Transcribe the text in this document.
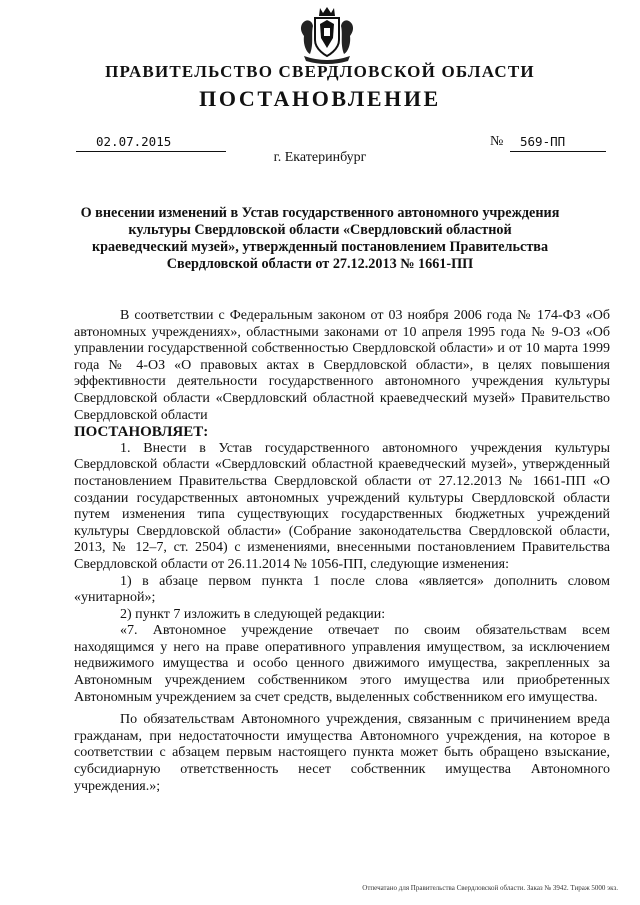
ПРАВИТЕЛЬСТВО СВЕРДЛОВСКОЙ ОБЛАСТИ
ПОСТАНОВЛЕНИЕ
02.07.2015	№	569-ПП
г. Екатеринбург
О внесении изменений в Устав государственного автономного учреждения культуры Свердловской области «Свердловский областной краеведческий музей», утвержденный постановлением Правительства Свердловской области от 27.12.2013 № 1661-ПП

В соответствии с Федеральным законом от 03 ноября 2006 года № 174-ФЗ «Об автономных учреждениях», областными законами от 10 апреля 1995 года № 9-ОЗ «Об управлении государственной собственностью Свердловской области» и от 10 марта 1999 года № 4-ОЗ «О правовых актах в Свердловской области», в целях повышения эффективности деятельности государственного автономного учреждения культуры Свердловской области «Свердловский областной краеведческий музей» Правительство Свердловской области

ПОСТАНОВЛЯЕТ:

1. Внести в Устав государственного автономного учреждения культуры Свердловской области «Свердловский областной краеведческий музей», утвержденный постановлением Правительства Свердловской области от 27.12.2013 № 1661-ПП «О создании государственных автономных учреждений культуры Свердловской области путем изменения типа существующих государственных бюджетных учреждений культуры Свердловской области» (Собрание законодательства Свердловской области, 2013, № 12–7, ст. 2504) с изменениями, внесенными постановлением Правительства Свердловской области от 26.11.2014 № 1056-ПП, следующие изменения:

1) в абзаце первом пункта 1 после слова «является» дополнить словом «унитарной»;

2) пункт 7 изложить в следующей редакции:

«7. Автономное учреждение отвечает по своим обязательствам всем находящимся у него на праве оперативного управления имуществом, за исключением недвижимого имущества и особо ценного движимого имущества, закрепленных за Автономным учреждением собственником этого имущества или приобретенных Автономным учреждением за счет средств, выделенных собственником его имущества.

По обязательствам Автономного учреждения, связанным с причинением вреда гражданам, при недостаточности имущества Автономного учреждения, на которое в соответствии с абзацем первым настоящего пункта может быть обращено взыскание, субсидиарную ответственность несет собственник имущества Автономного учреждения.»;

Отпечатано для Правительства Свердловской области. Заказ № 3942. Тираж 5000 экз.
